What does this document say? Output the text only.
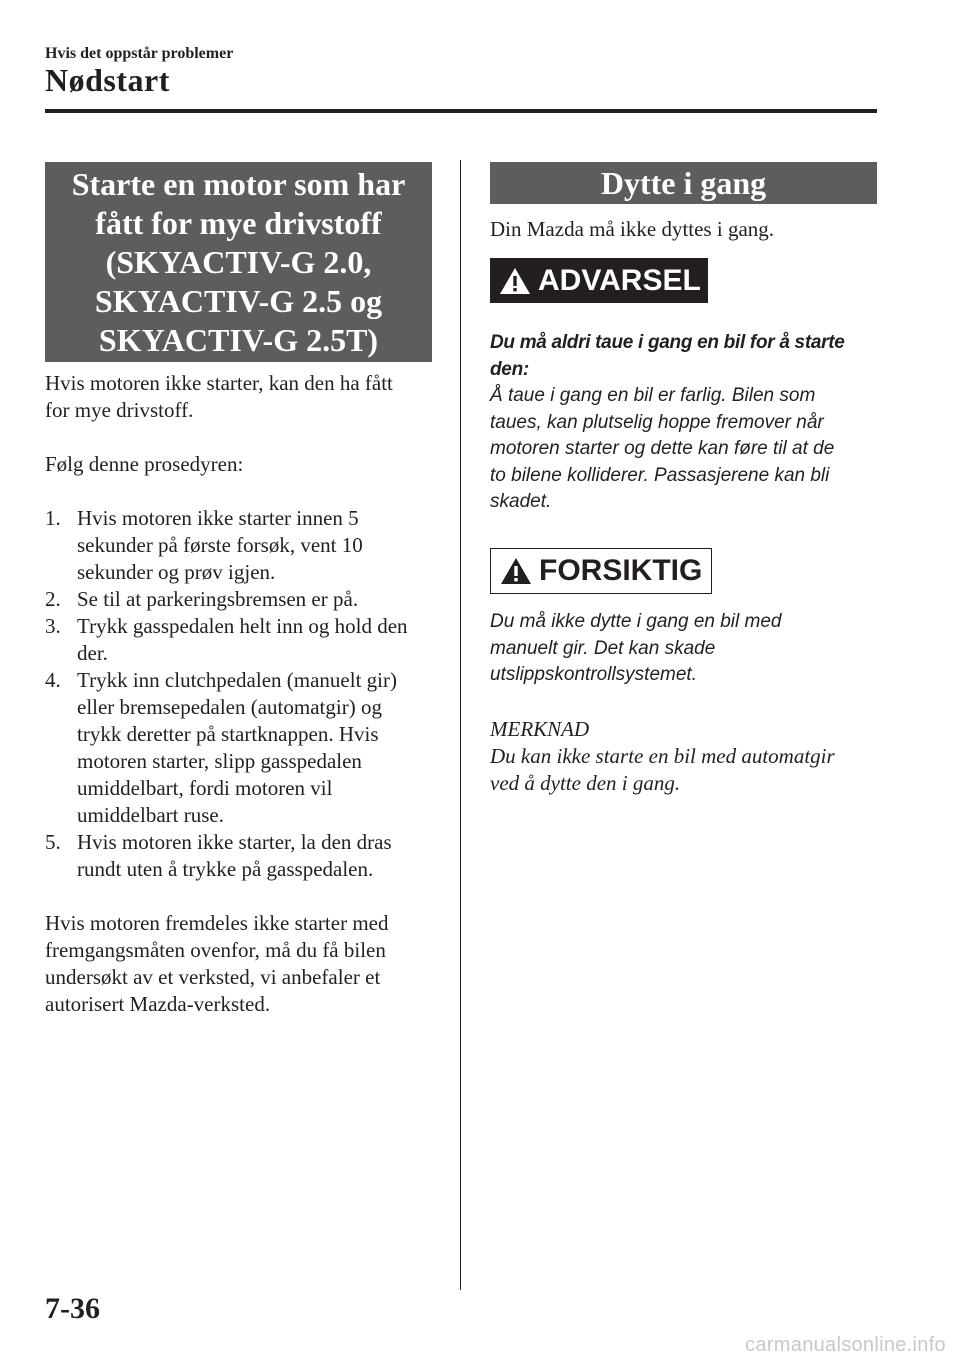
Hvis det oppstår problemer
Nødstart
Starte en motor som har
fått for mye drivstoff
(SKYACTIV-G 2.0,
SKYACTIV-G 2.5 og
SKYACTIV-G 2.5T)

Hvis motoren ikke starter, kan den ha fått
for mye drivstoff.

Følg denne prosedyren:

1. Hvis motoren ikke starter innen 5
sekunder på første forsøk, vent 10
sekunder og prøv igjen.
2. Se til at parkeringsbremsen er på.
3. Trykk gasspedalen helt inn og hold den
der.
4. Trykk inn clutchpedalen (manuelt gir)
eller bremsepedalen (automatgir) og
trykk deretter på startknappen. Hvis
motoren starter, slipp gasspedalen
umiddelbart, fordi motoren vil
umiddelbart ruse.
5. Hvis motoren ikke starter, la den dras
rundt uten å trykke på gasspedalen.

Hvis motoren fremdeles ikke starter med
fremgangsmåten ovenfor, må du få bilen
undersøkt av et verksted, vi anbefaler et
autorisert Mazda-verksted.

Dytte i gang
Din Mazda må ikke dyttes i gang.
ADVARSEL

Du må aldri taue i gang en bil for å starte
den:

Å taue i gang en bil er farlig. Bilen som
taues, kan plutselig hoppe fremover når
motoren starter og dette kan føre til at de
to bilene kolliderer. Passasjerene kan bli
skadet.

FORSIKTIG
Du må ikke dytte i gang en bil med
manuelt gir. Det kan skade
utslippskontrollsystemet.

MERKNAD

Du kan ikke starte en bil med automatgir
ved å dytte den i gang.

7-36
carmanualsonline.info
